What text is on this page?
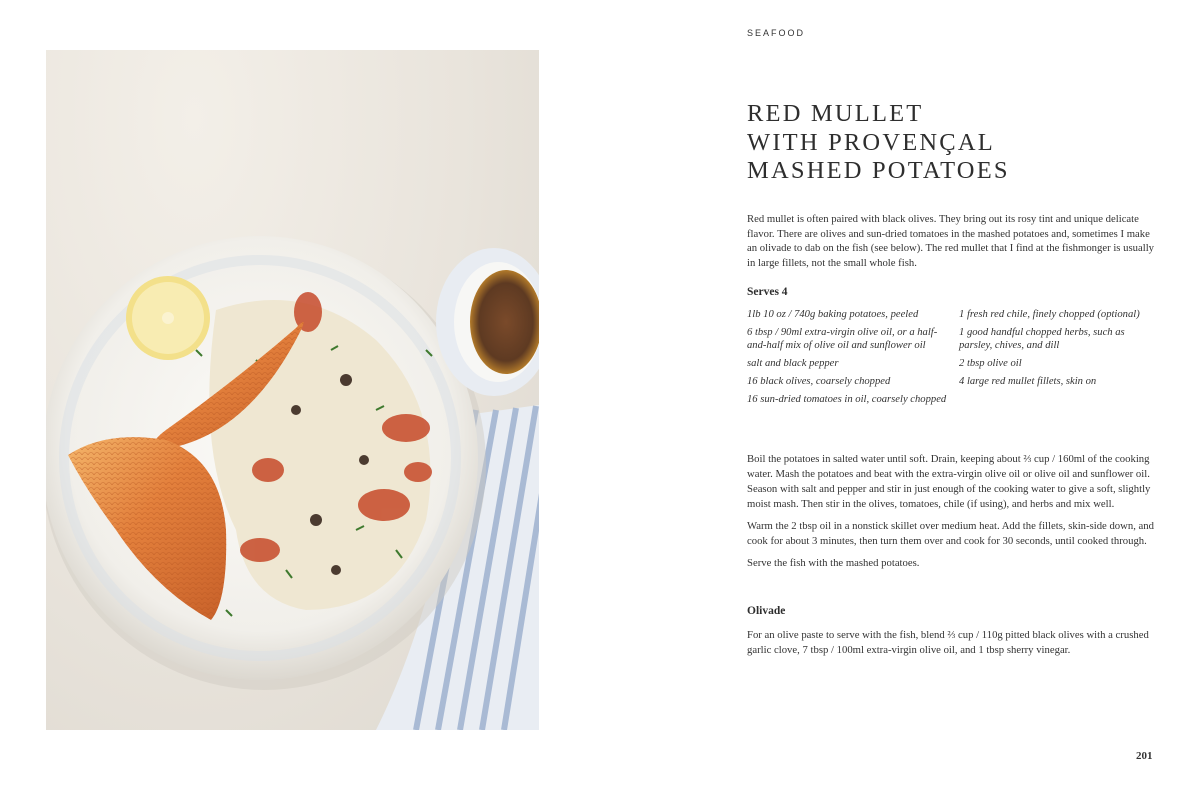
SEAFOOD
RED MULLET
WITH PROVENÇAL
MASHED POTATOES

Red mullet is often paired with black olives. They bring out its rosy tint and unique delicate flavor. There are olives and sun-dried tomatoes in the mashed potatoes and, sometimes I make an olivade to dab on the fish (see below). The red mullet that I find at the fishmonger is usually in large fillets, not the small whole fish.

Serves 4

1lb 10 oz / 740g baking potatoes, peeled
6 tbsp / 90ml extra-virgin olive oil, or a half-and-half mix of olive oil and sunflower oil
salt and black pepper
16 black olives, coarsely chopped
16 sun-dried tomatoes in oil, coarsely chopped
1 fresh red chile, finely chopped (optional)
1 good handful chopped herbs, such as parsley, chives, and dill
2 tbsp olive oil
4 large red mullet fillets, skin on

Boil the potatoes in salted water until soft. Drain, keeping about ⅔ cup / 160ml of the cooking water. Mash the potatoes and beat with the extra-virgin olive oil or olive oil and sunflower oil. Season with salt and pepper and stir in just enough of the cooking water to give a soft, slightly moist mash. Then stir in the olives, tomatoes, chile (if using), and herbs and mix well.

Warm the 2 tbsp oil in a nonstick skillet over medium heat. Add the fillets, skin-side down, and cook for about 3 minutes, then turn them over and cook for 30 seconds, until cooked through.

Serve the fish with the mashed potatoes.

Olivade

For an olive paste to serve with the fish, blend ⅔ cup / 110g pitted black olives with a crushed garlic clove, 7 tbsp / 100ml extra-virgin olive oil, and 1 tbsp sherry vinegar.

201
